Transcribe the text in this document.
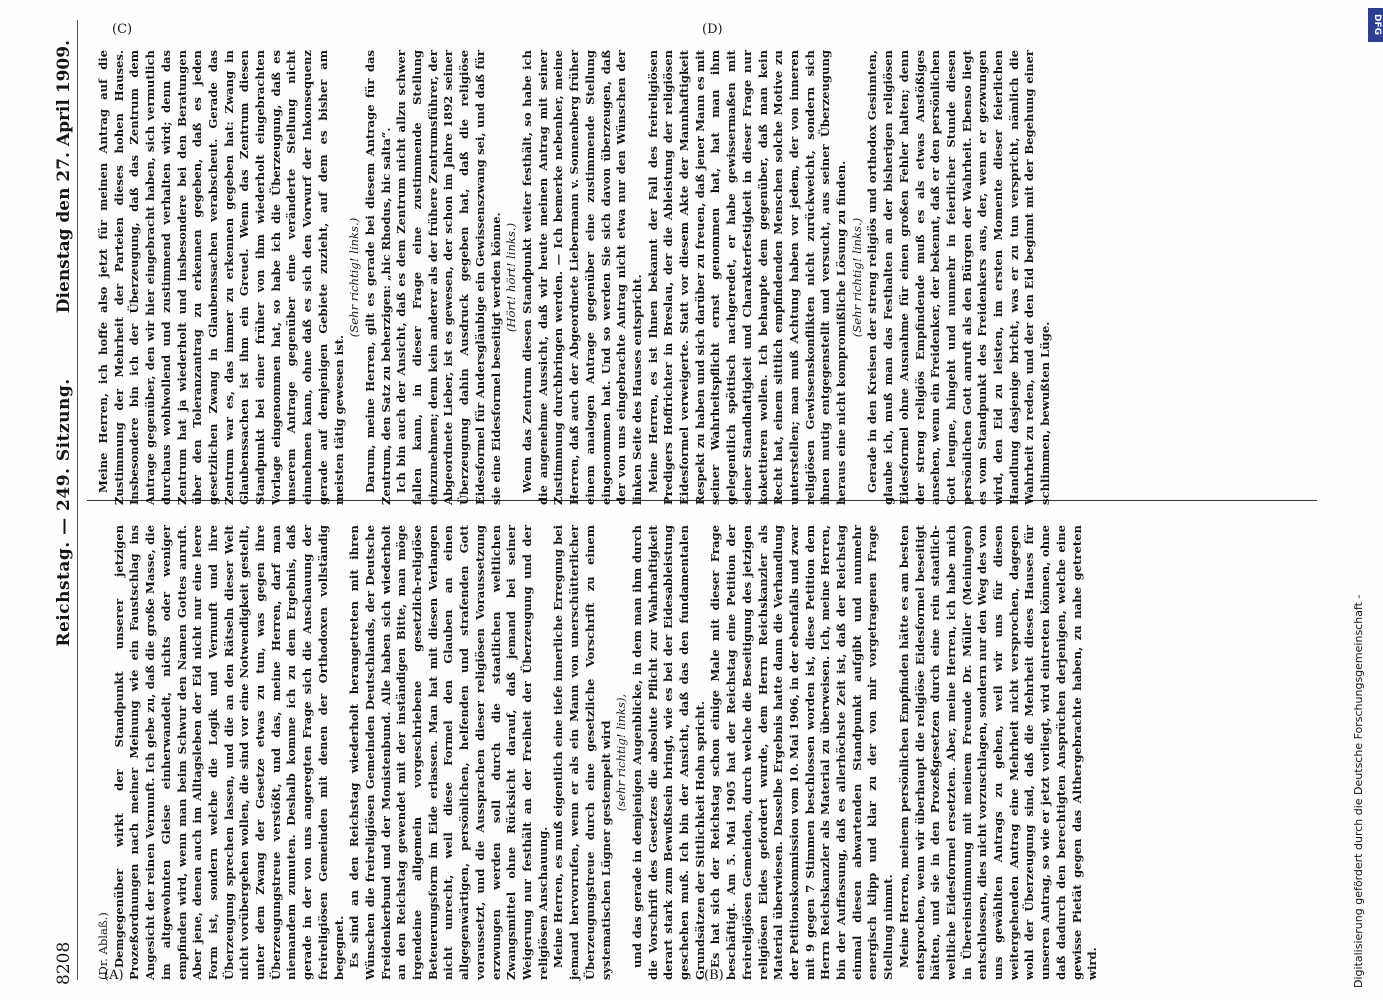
8208
Reichstag. — 249. Sitzung.
Dienstag den 27. April 1909.
(A)	(B)
(C)	(D)

(Dr. Ablaß.) Demgegenüber wirkt der Standpunkt unserer jetzigen Prozeßordnungen nach meiner Meinung wie ein Faustschlag ins Angesicht der reinen Vernunft. Ich gebe zu, daß die große Masse, die im altgewohnten Gleise einherwandelt, nichts oder weniger empfinden wird, wenn man beim Schwur den Namen Gottes anruft. Aber jene, denen auch im Alltagsleben der Eid nicht nur eine leere Form ist, sondern welche die Logik und Vernunft und ihre Überzeugung sprechen lassen, und die an den Rätseln dieser Welt nicht vorübergehen wollen, die sind vor eine Notwendigkeit gestellt, unter dem Zwang der Gesetze etwas zu tun, was gegen ihre Überzeugungstreue verstößt, und das, meine Herren, darf man niemandem zumuten. Deshalb komme ich zu dem Ergebnis, daß gerade in der von uns angeregten Frage sich die Anschauung der freireligiösen Gemeinden mit denen der Orthodoxen vollständig begegnet. Es sind an den Reichstag wiederholt herangetreten mit ihren Wünschen die freireligiösen Gemeinden Deutschlands, der Deutsche Freidenkerbund und der Monistenbund. Alle haben sich wiederholt an den Reichstag gewendet mit der inständigen Bitte, man möge irgendeine allgemein vorgeschriebene gesetzlich-religiöse Beteuerungsform im Eide erlassen. Man hat mit diesen Verlangen nicht unrecht, weil diese Formel den Glauben an einen allgegenwärtigen, persönlichen, helfenden und strafenden Gott voraussetzt, und die Aussprachen dieser religiösen Voraussetzung erzwungen werden soll durch die staatlichen weltlichen Zwangsmittel ohne Rücksicht darauf, daß jemand bei seiner Weigerung nur festhält an der Freiheit der Überzeugung und der religiösen Anschauung. Meine Herren, es muß eigentlich eine tiefe innerliche Erregung bei jemand hervorrufen, wenn er als ein Mann von unerschütterlicher Überzeugungstreue durch eine gesetzliche Vorschrift zu einem systematischen Lügner gestempelt wird (sehr richtig! links), und das gerade in demjenigen Augenblicke, in dem man ihm durch die Vorschrift des Gesetzes die absolute Pflicht zur Wahrhaftigkeit derart stark zum Bewußtsein bringt, wie es bei der Eidesableistung geschehen muß. Ich bin der Ansicht, daß das den fundamentalen Grundsätzen der Sittlichkeit Hohn spricht. Es hat sich der Reichstag schon einige Male mit dieser Frage beschäftigt. Am 5. Mai 1905 hat der Reichstag eine Petition der freireligiösen Gemeinden, durch welche die Beseitigung des jetzigen religiösen Eides gefordert wurde, dem Herrn Reichskanzler als Material überwiesen. Dasselbe Ergebnis hatte dann die Verhandlung der Petitionskommission vom 10. Mai 1906, in der ebenfalls und zwar mit 9 gegen 7 Stimmen beschlossen worden ist, diese Petition dem Herrn Reichskanzler als Material zu überweisen. Ich, meine Herren, bin der Auffassung, daß es allerhöchste Zeit ist, daß der Reichstag einmal diesen abwartenden Standpunkt aufgibt und nunmehr energisch klipp und klar zu der von mir vorgetragenen Frage Stellung nimmt. Meine Herren, meinem persönlichen Empfinden hätte es am besten entsprochen, wenn wir überhaupt die religiöse Eidesformel beseitigt hätten, und sie in den Prozeßgesetzen durch eine rein staatlich-weltliche Eidesformel ersetzten. Aber, meine Herren, ich habe mich in Übereinstimmung mit meinem Freunde Dr. Müller (Meiningen) entschlossen, dies nicht vorzuschlagen, sondern nur den Weg des von uns gewählten Antrags zu gehen, weil wir uns für diesen weitergehenden Antrag eine Mehrheit nicht versprochen, dagegen wohl der Überzeugung sind, daß die Mehrheit dieses Hauses für unseren Antrag, so wie er jetzt vorliegt, wird eintreten können, ohne daß dadurch den berechtigten Ansprüchen derjenigen, welche eine gewisse Pietät gegen das Althergebrachte haben, zu nahe getreten wird.

Meine Herren, ich hoffe also jetzt für meinen Antrag auf die Zustimmung der Mehrheit der Parteien dieses hohen Hauses. Insbesondere bin ich der Überzeugung, daß das Zentrum dem Antrage gegenüber, den wir hier eingebracht haben, sich vermutlich durchaus wohlwollend und zustimmend verhalten wird; denn das Zentrum hat ja wiederholt und insbesondere bei den Beratungen über den Toleranzantrag zu erkennen gegeben, daß es jeden gesetzlichen Zwang in Glaubenssachen verabscheut. Gerade das Zentrum war es, das immer zu erkennen gegeben hat: Zwang in Glaubenssachen ist ihm ein Greuel. Wenn das Zentrum diesen Standpunkt bei einer früher von ihm wiederholt eingebrachten Vorlage eingenommen hat, so habe ich die Überzeugung, daß es unserem Antrage gegenüber eine veränderte Stellung nicht einnehmen kann, ohne daß es sich den Vorwurf der Inkonsequenz gerade auf demjenigen Gebiete zuzieht, auf dem es bisher am meisten tätig gewesen ist.

(Sehr richtig! links.) Darum, meine Herren, gilt es gerade bei diesem Antrage für das Zentrum, den Satz zu beherzigen: „hic Rhodus, hic salta“. Ich bin auch der Ansicht, daß es dem Zentrum nicht allzu schwer fallen kann, in dieser Frage eine zustimmende Stellung einzunehmen; denn kein anderer als der frühere Zentrumsführer, der Abgeordnete Lieber, ist es gewesen, der schon im Jahre 1892 seiner Überzeugung dahin Ausdruck gegeben hat, daß die religiöse Eidesformel für Andersgläubige ein Gewissenszwang sei, und daß für sie eine Eidesformel beseitigt werden könne. (Hört! hört! links.) Wenn das Zentrum diesen Standpunkt weiter festhält, so habe ich die angenehme Aussicht, daß wir heute meinen Antrag mit seiner Zustimmung durchbringen werden. — Ich bemerke nebenher, meine Herren, daß auch der Abgeordnete Liebermann v. Sonnenberg früher einem analogen Antrage gegenüber eine zustimmende Stellung eingenommen hat. Und so werden Sie sich davon überzeugen, daß der von uns eingebrachte Antrag nicht etwa nur den Wünschen der linken Seite des Hauses entspricht. Meine Herren, es ist Ihnen bekannt der Fall des freireligiösen Predigers Hoffrichter in Breslau, der die Ableistung der religiösen Eidesformel verweigerte. Statt vor diesem Akte der Mannhaftigkeit Respekt zu haben und sich darüber zu freuen, daß jener Mann es mit seiner Wahrheitspflicht ernst genommen hat, hat man ihm gelegentlich spöttisch nachgeredet, er habe gewissermaßen mit seiner Standhaftigkeit und Charakterfestigkeit in dieser Frage nur kokettieren wollen. Ich behaupte dem gegenüber, daß man kein Recht hat, einem sittlich empfindenden Menschen solche Motive zu unterstellen; man muß Achtung haben vor jedem, der von inneren religiösen Gewissenskonflikten nicht zurückweicht, sondern sich ihnen mutig entgegenstellt und versucht, aus seiner Überzeugung heraus eine nicht kompromißliche Lösung zu finden. (Sehr richtig! links.) Gerade in den Kreisen der streng religiös und orthodox Gesinnten, glaube ich, muß man das Festhalten an der bisherigen religiösen Eidesformel ohne Ausnahme für einen großen Fehler halten; denn der streng religiös Empfindende muß es als etwas Anstößiges ansehen, wenn ein Freidenker, der bekennt, daß er den persönlichen Gott leugne, hingeht und nunmehr in feierlicher Stunde diesen persönlichen Gott anruft als den Bürgen der Wahrheit. Ebenso liegt es vom Standpunkt des Freidenkers aus, der, wenn er gezwungen wird, den Eid zu leisten, im ersten Momente dieser feierlichen Handlung dasjenige bricht, was er zu tun verspricht, nämlich die Wahrheit zu reden, und der den Eid beginnt mit der Begehung einer schlimmen, bewußten Lüge.

Digitalisierung gefördert durch die Deutsche Forschungsgemeinschaft -
DFG
